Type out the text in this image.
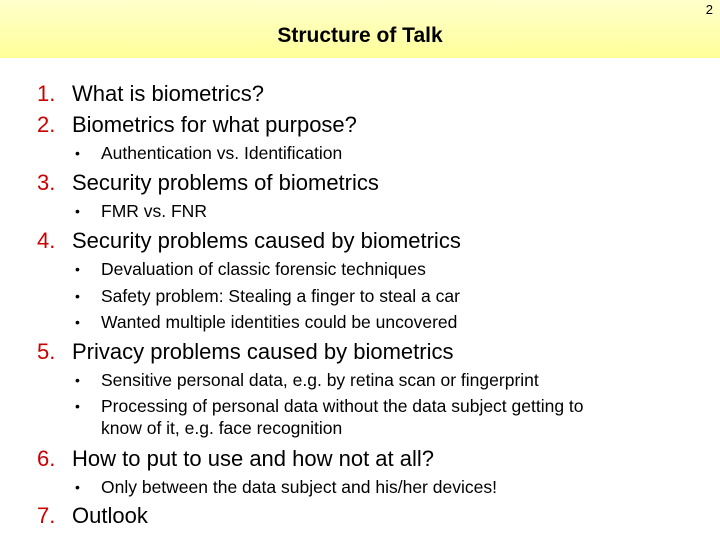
2
Structure of Talk
1. What is biometrics?
2. Biometrics for what purpose?
• Authentication vs. Identification
3. Security problems of biometrics
• FMR vs. FNR
4. Security problems caused by biometrics
• Devaluation of classic forensic techniques
• Safety problem: Stealing a finger to steal a car
• Wanted multiple identities could be uncovered
5. Privacy problems caused by biometrics
• Sensitive personal data, e.g. by retina scan or fingerprint
• Processing of personal data without the data subject getting to
know of it, e.g. face recognition
6. How to put to use and how not at all?
• Only between the data subject and his/her devices!
7. Outlook
